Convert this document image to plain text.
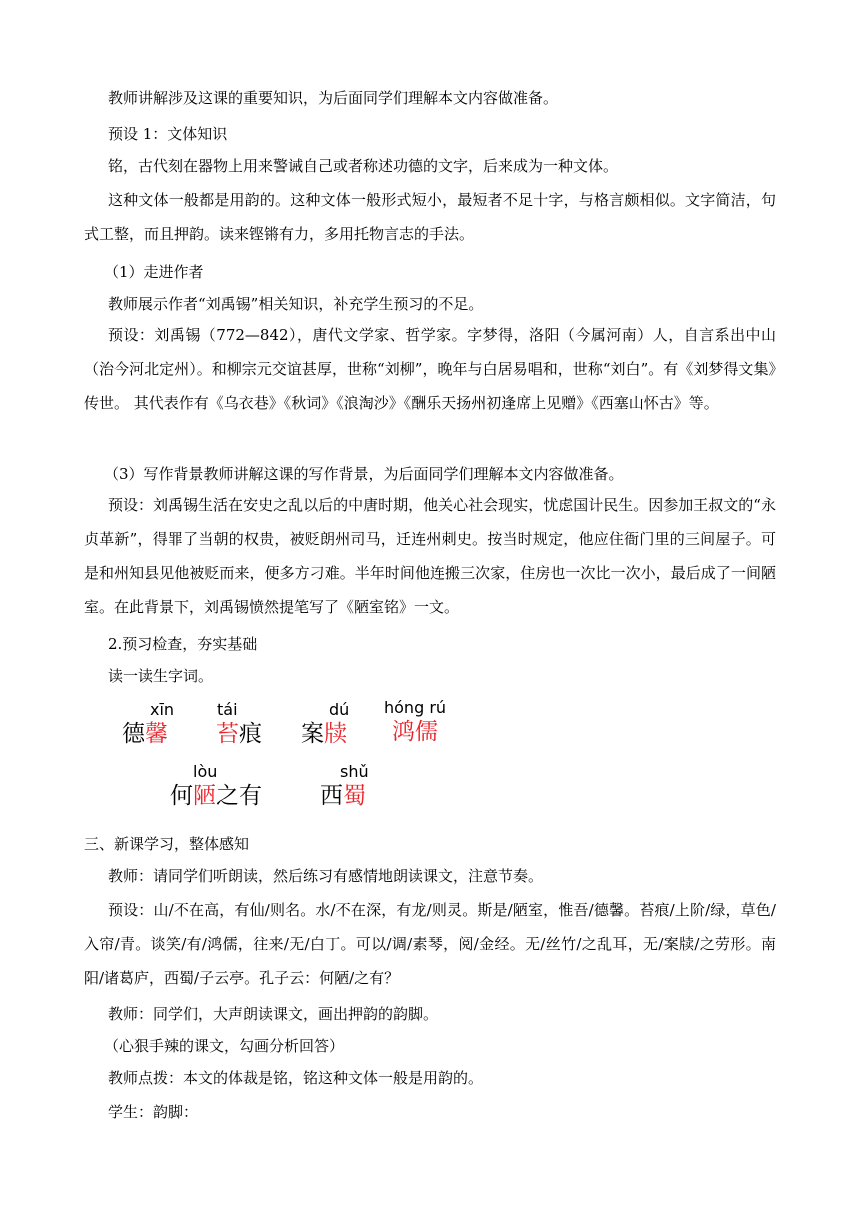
教师讲解涉及这课的重要知识，为后面同学们理解本文内容做准备。
预设 1：文体知识
铭，古代刻在器物上用来警诫自己或者称述功德的文字，后来成为一种文体。
这种文体一般都是用韵的。这种文体一般形式短小，最短者不足十字，与格言颇相似。文字简洁，句式工整，而且押韵。读来铿锵有力，多用托物言志的手法。
（1）走进作者
教师展示作者“刘禹锡”相关知识，补充学生预习的不足。
预设：刘禹锡（772—842），唐代文学家、哲学家。字梦得，洛阳（今属河南）人，自言系出中山（治今河北定州）。和柳宗元交谊甚厚，世称“刘柳”，晚年与白居易唱和，世称“刘白”。有《刘梦得文集》传世。 其代表作有《乌衣巷》《秋词》《浪淘沙》《酬乐天扬州初逢席上见赠》《西塞山怀古》等。
（3）写作背景教师讲解这课的写作背景，为后面同学们理解本文内容做准备。
预设：刘禹锡生活在安史之乱以后的中唐时期，他关心社会现实，忧虑国计民生。因参加王叔文的“永贞革新”，得罪了当朝的权贵，被贬朗州司马，迁连州刺史。按当时规定，他应住衙门里的三间屋子。可是和州知县见他被贬而来，便多方刁难。半年时间他连搬三次家，住房也一次比一次小，最后成了一间陋室。在此背景下，刘禹锡愤然提笔写了《陋室铭》一文。
2.预习检查，夯实基础
读一读生字词。
xīn
德馨
tái
苔痕
dú
案牍
hóng rú
鸿儒
lòu
何陋之有
shǔ
西蜀
三、新课学习，整体感知
教师：请同学们听朗读，然后练习有感情地朗读课文，注意节奏。
预设：山/不在高，有仙/则名。水/不在深，有龙/则灵。斯是/陋室，惟吾/德馨。苔痕/上阶/绿，草色/入帘/青。谈笑/有/鸿儒，往来/无/白丁。可以/调/素琴，阅/金经。无/丝竹/之乱耳，无/案牍/之劳形。南阳/诸葛庐，西蜀/子云亭。孔子云：何陋/之有？
教师：同学们，大声朗读课文，画出押韵的韵脚。
（心狠手辣的课文，勾画分析回答）
教师点拨：本文的体裁是铭，铭这种文体一般是用韵的。
学生：韵脚：
